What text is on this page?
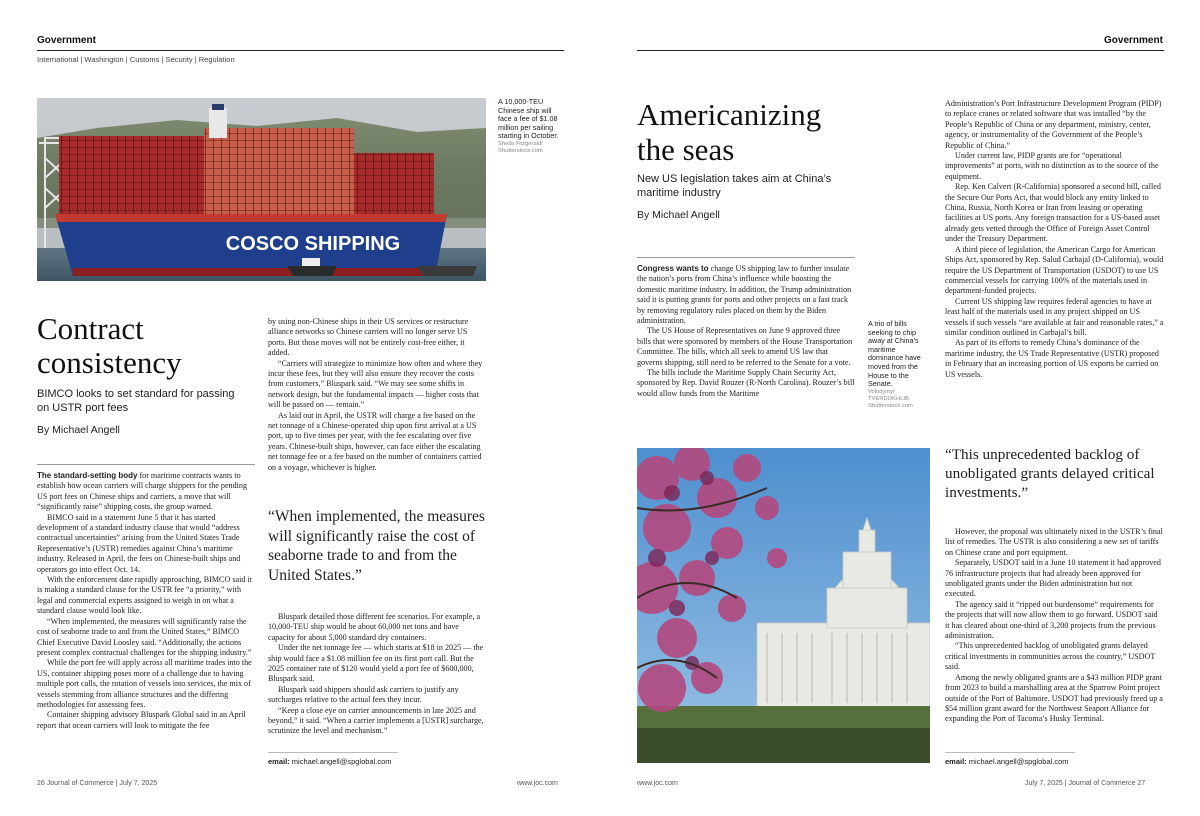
Government
International | Washington | Customs | Security | Regulation
COSCO SHIPPING
A 10,000-TEU Chinese ship will face a fee of $1.08 million per sailing starting in October.
Sheila Fitzgerald/ Shutterstock.com
Contract
consistency
BIMCO looks to set standard for passing on USTR port fees
By Michael Angell

The standard-setting body for maritime contracts wants to establish how ocean carriers will charge shippers for the pending US port fees on Chinese ships and carriers, a move that will “significantly raise” shipping costs, the group warned.

BIMCO said in a statement June 5 that it has started development of a standard industry clause that would “address contractual uncertainties” arising from the United States Trade Representative’s (USTR) remedies against China’s maritime industry. Released in April, the fees on Chinese-built ships and operators go into effect Oct. 14.

With the enforcement date rapidly approaching, BIMCO said it is making a standard clause for the USTR fee “a priority,” with legal and commercial experts assigned to weigh in on what a standard clause would look like.

“When implemented, the measures will significantly raise the cost of seaborne trade to and from the United States,” BIMCO Chief Executive David Loosley said. “Additionally, the actions present complex contractual challenges for the shipping industry.”

While the port fee will apply across all maritime trades into the US, container shipping poses more of a challenge due to having multiple port calls, the rotation of vessels into services, the mix of vessels stemming from alliance structures and the differing methodologies for assessing fees.

Container shipping advisory Bluspark Global said in an April report that ocean carriers will look to mitigate the fee

by using non-Chinese ships in their US services or restructure alliance networks so Chinese carriers will no longer serve US ports. But those moves will not be entirely cost-free either, it added.

“Carriers will strategize to minimize how often and where they incur these fees, but they will also ensure they recover the costs from customers,” Bluspark said. “We may see some shifts in network design, but the fundamental impacts — higher costs that will be passed on — remain.”

As laid out in April, the USTR will charge a fee based on the net tonnage of a Chinese-operated ship upon first arrival at a US port, up to five times per year, with the fee escalating over five years. Chinese-built ships, however, can face either the escalating net tonnage fee or a fee based on the number of containers carried on a voyage, whichever is higher.

“When implemented, the measures will significantly raise the cost of seaborne trade to and from the United States.”

Bluspark detailed those different fee scenarios. For example, a 10,000-TEU ship would be about 60,000 net tons and have capacity for about 5,000 standard dry containers.

Under the net tonnage fee — which starts at $18 in 2025 — the ship would face a $1.08 million fee on its first port call. But the 2025 container rate of $120 would yield a port fee of $600,000, Bluspark said.

Bluspark said shippers should ask carriers to justify any surcharges relative to the actual fees they incur.

“Keep a close eye on carrier announcements in late 2025 and beyond,” it said. “When a carrier implements a [USTR] surcharge, scrutinize the level and mechanism.”

email: michael.angell@spglobal.com
26 Journal of Commerce | July 7, 2025	www.joc.com
Government
Americanizing
the seas
New US legislation takes aim at China’s maritime industry
By Michael Angell

Congress wants to change US shipping law to further insulate the nation’s ports from China’s influence while boosting the domestic maritime industry. In addition, the Trump administration said it is putting grants for ports and other projects on a fast track by removing regulatory rules placed on them by the Biden administration.

The US House of Representatives on June 9 approved three bills that were sponsored by members of the House Transportation Committee. The bills, which all seek to amend US law that governs shipping, still need to be referred to the Senate for a vote.

The bills include the Maritime Supply Chain Security Act, sponsored by Rep. David Rouzer (R-North Carolina). Rouzer’s bill would allow funds from the Maritime

A trio of bills seeking to chip away at China’s maritime dominance have moved from the House to the Senate.
Volodymyr TVERDOKHLIB Shutterstock.com

Administration’s Port Infrastructure Development Program (PIDP) to replace cranes or related software that was installed “by the People’s Republic of China or any department, ministry, center, agency, or instrumentality of the Government of the People’s Republic of China.”

Under current law, PIDP grants are for “operational improvements” at ports, with no distinction as to the source of the equipment.

Rep. Ken Calvert (R-California) sponsored a second bill, called the Secure Our Ports Act, that would block any entity linked to China, Russia, North Korea or Iran from leasing or operating facilities at US ports. Any foreign transaction for a US-based asset already gets vetted through the Office of Foreign Asset Control under the Treasury Department.

A third piece of legislation, the American Cargo for American Ships Act, sponsored by Rep. Salud Carbajal (D-California), would require the US Department of Transportation (USDOT) to use US commercial vessels for carrying 100% of the materials used in department-funded projects.

Current US shipping law requires federal agencies to have at least half of the materials used in any project shipped on US vessels if such vessels “are available at fair and reasonable rates,” a similar condition outlined in Carbajal’s bill.

As part of its efforts to remedy China’s dominance of the maritime industry, the US Trade Representative (USTR) proposed in February that an increasing portion of US exports be carried on US vessels.

“This unprecedented backlog of unobligated grants delayed critical investments.”

However, the proposal was ultimately nixed in the USTR’s final list of remedies. The USTR is also considering a new set of tariffs on Chinese crane and port equipment.

Separately, USDOT said in a June 10 statement it had approved 76 infrastructure projects that had already been approved for unobligated grants under the Biden administration but not executed.

The agency said it “ripped out burdensome” requirements for the projects that will now allow them to go forward. USDOT said it has cleared about one-third of 3,200 projects from the previous administration.

“This unprecedented backlog of unobligated grants delayed critical investments in communities across the country,” USDOT said.

Among the newly obligated grants are a $43 million PIDP grant from 2023 to build a marshalling area at the Sparrow Point project outside of the Port of Baltimore. USDOT had previously freed up a $54 million grant award for the Northwest Seaport Alliance for expanding the Port of Tacoma’s Husky Terminal.

email: michael.angell@spglobal.com
www.joc.com	July 7, 2025 | Journal of Commerce 27
